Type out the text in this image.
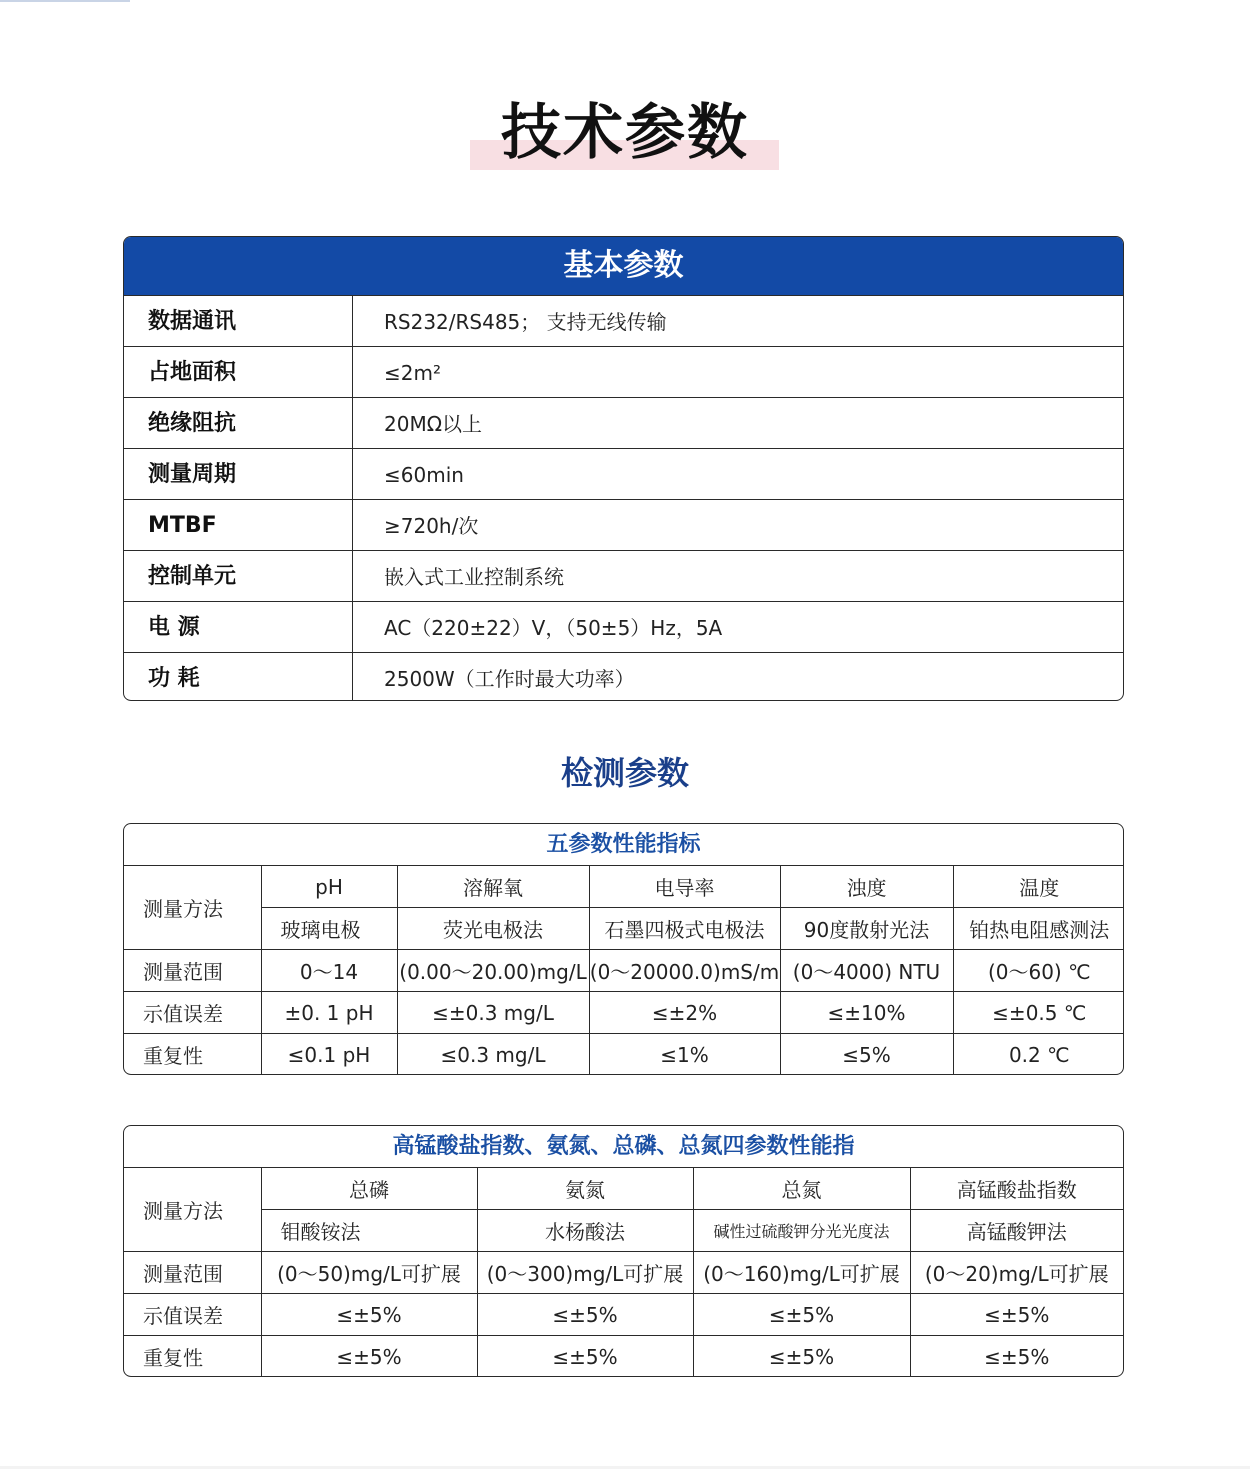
技术参数
基本参数
数据通讯	RS232/RS485； 支持无线传输
占地面积	≤2m²
绝缘阻抗	20MΩ以上
测量周期	≤60min
MTBF	≥720h/次
控制单元	嵌入式工业控制系统
电 源	AC（220±22）V，（50±5）Hz，5A
功 耗	2500W（工作时最大功率）
检测参数
五参数性能指标
测量方法	pH	溶解氧	电导率	浊度	温度
	玻璃电极	荧光电极法	石墨四极式电极法	90度散射光法	铂热电阻感测法
测量范围	0～14	(0.00～20.00)mg/L	(0～20000.0)mS/m	(0～4000) NTU	(0～60) ℃
示值误差	±0. 1 pH	≤±0.3 mg/L	≤±2%	≤±10%	≤±0.5 ℃
重复性	≤0.1 pH	≤0.3 mg/L	≤1%	≤5%	0.2 ℃
高锰酸盐指数、氨氮、总磷、总氮四参数性能指
测量方法	总磷	氨氮	总氮	高锰酸盐指数
	钼酸铵法	水杨酸法	碱性过硫酸钾分光光度法	高锰酸钾法
测量范围	(0～50)mg/L可扩展	(0～300)mg/L可扩展	(0～160)mg/L可扩展	(0～20)mg/L可扩展
示值误差	≤±5%	≤±5%	≤±5%	≤±5%
重复性	≤±5%	≤±5%	≤±5%	≤±5%
